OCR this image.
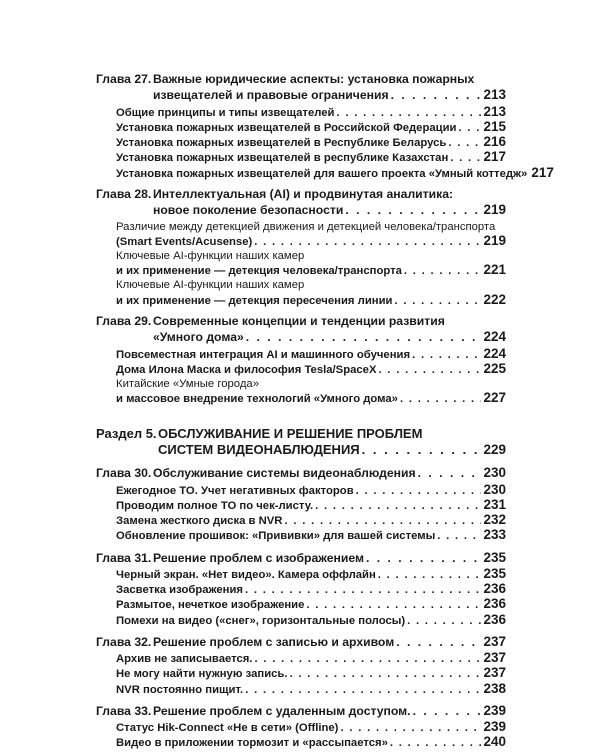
Глава 27. Важные юридические аспекты: установка пожарных
извещателей и правовые ограничения . . .	213
Общие принципы и типы извещателей . . .	213
Установка пожарных извещателей в Российской Федерации . . . 215
Установка пожарных извещателей в Республике Беларусь . . .	216
Установка пожарных извещателей в республике Казахстан . . .	217
Установка пожарных извещателей для вашего проекта «Умный коттедж» 217
Глава 28. Интеллектуальная (AI) и продвинутая аналитика:
новое поколение безопасности . . .	219
Различие между детекцией движения и детекцией человека/транспорта
(Smart Events/Acusense) . . .	219
Ключевые AI-функции наших камер
и их применение — детекция человека/транспорта . . .	221
Ключевые AI-функции наших камер
и их применение — детекция пересечения линии . . .	222
Глава 29. Современные концепции и тенденции развития
«Умного дома» . . .	224
Повсеместная интеграция AI и машинного обучения . . .	224
Дома Илона Маска и философия Tesla/SpaceX . . .	225
Китайские «Умные города»
и массовое внедрение технологий «Умного дома» . . .	227
Раздел 5. ОБСЛУЖИВАНИЕ И РЕШЕНИЕ ПРОБЛЕМ
СИСТЕМ ВИДЕОНАБЛЮДЕНИЯ . . .	229
Глава 30. Обслуживание системы видеонаблюдения . . .	230
Ежегодное ТО. Учет негативных факторов . . .	230
Проводим полное ТО по чек-листу. . . .	231
Замена жесткого диска в NVR . . .	232
Обновление прошивок: «Прививки» для вашей системы . . .	233
Глава 31. Решение проблем с изображением . . .	235
Черный экран. «Нет видео». Камера оффлайн . . .	235
Засветка изображения . . .	236
Размытое, нечеткое изображение . . .	236
Помехи на видео («снег», горизонтальные полосы) . . .	236
Глава 32. Решение проблем с записью и архивом . . .	237
Архив не записывается. . . .	237
Не могу найти нужную запись. . . .	237
NVR постоянно пищит. . . .	238
Глава 33. Решение проблем с удаленным доступом. . . .	239
Статус Hik-Connect «Не в сети» (Offline) . . .	239
Видео в приложении тормозит и «рассыпается» . . .	240
